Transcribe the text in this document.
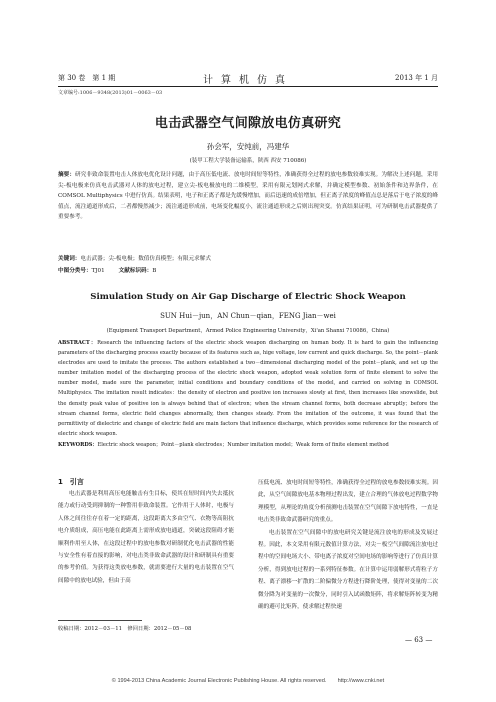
第 30 卷　第 1 期	计算机仿真	2013 年 1 月
文章编号:1006－9348(2013)01－0063－03
电击武器空气间隙放电仿真研究
孙会军，安纯前，冯建华
(装甲工程大学装备运输系，陕西 西安 710086)

摘要：研究非致命装置电击人体放电优化设计问题，由于高压低电流、放电时间短等特性，准确获得全过程的放电参数较难实现。为解决上述问题，采用尖-板电极来仿真电击武器对人体的放电过程，建立尖-板电极放电的二维模型，采用有限元划网式求解，并确定模型参数、初始条件和边界条件，在 COMSOL Multiphysics 中进行仿真。结果表明，电子和正离子都是先缓慢增加，而后迅速的成倍增加，但正离子浓度的峰值点总是落后于电子浓度的峰值点，流注通道形成后，二者都慢然减少；流注通道形成前，电场变化幅度小，流注通道形成之后则出现突变。仿真结果证明，可为研制电击武器提供了重要参考。

关键词：电击武器；尖-板电极；数值仿真模型；有限元求解式
中图分类号：TJ01	文献标识码：B
Simulation Study on Air Gap Discharge of Electric Shock Weapon
SUN Hui－jun，AN Chun－qian，FENG Jian－wei
(Equipment Transport Department，Armed Police Engineering University，Xi'an Shanxi 710086，China)

ABSTRACT：Research the influencing factors of the electric shock weapon discharging on human body. It is hard to gain the influencing parameters of the discharging process exactly because of its features such as, hige voltage, low current and quick discharge. So, the point－plank electrodes are used to imitate the process. The authors established a two－dimensional discharging model of the point－plank, and set up the number imitation model of the discharging process of the electric shock weapon, adopted weak solution form of finite element to solve the number model, made sure the parameter, initial conditions and boundary conditions of the model, and carried on solving in COMSOL Multiphysics. The imitation result indicates：the density of electron and positive ion increases slowly at first, then increases like snowslide, but the density peak value of positive ion is always behind that of electron；when the stream channel forms, both decrease abruptly；before the stream channel forms, electric field changes abnormally, then changes steady. From the imitation of the outcome, it was found that the permittivity of dielectric and change of electric field are main factors that influence discharge, which provides some reference for the research of electric shock weapon.

KEYWORDS：Electric shock weapon；Point－plank electrodes；Number imitation model；Weak form of finite element method

1　 引言

电击武器是利用高压电能触击有生目标，使其在短时间内失去抵抗能力或行动受到抑制的一种警用非致命装置。它作用于人体时，电极与人体之间往往存在着一定的距离，这段距离大多由空气、衣物等高阻抗电介质组成，高压电能在此距离上需形成放电通道，突破这段阻碍才能顺利作用至人体，在这段过程中的放电参数对研制优化电击武器的性能与安全性有着直接的影响，对电击类非致命武器的设计和研制具有重要的参考价值。为获得这类放电参数，就需要进行大量的电击装置在空气间隙中的放电试验，但由于高

收稿日期：2012－03－11　修回日期：2012－05－08

压低电流、放电时间短等特性，准确获得全过程的放电参数较难实现。因此，从空气间隙放电基本物理过程出发，建立合理的气体放电过程数学物理模型，从理论的角度分析预测电击装置在空气间隙下放电特性，一直是电击类非致命武器研究的重点。

电击装置在空气间隙中的放电研究关键是流注放电的形成及发展过程。因此，本文采用有限元数值计算方法，对尖－板空气间隙流注放电过程中的空间电场大小、带电离子浓度对空间电场的影响等进行了仿真计算分析，得到放电过程的一系列特征参数。在计算中运用弱解形式将粒子方程、离子漂移一扩散的二阶偏微分方程进行降阶处理，使得对变量的二次微分降为对变量的一次微分，同时引入试函数矩阵，将求解矩阵转变为精确的避可比矩阵，使求解过程快速

— 63 —
© 1994-2013 China Academic Journal Electronic Publishing House. All rights reserved.　　http://www.cnki.net
